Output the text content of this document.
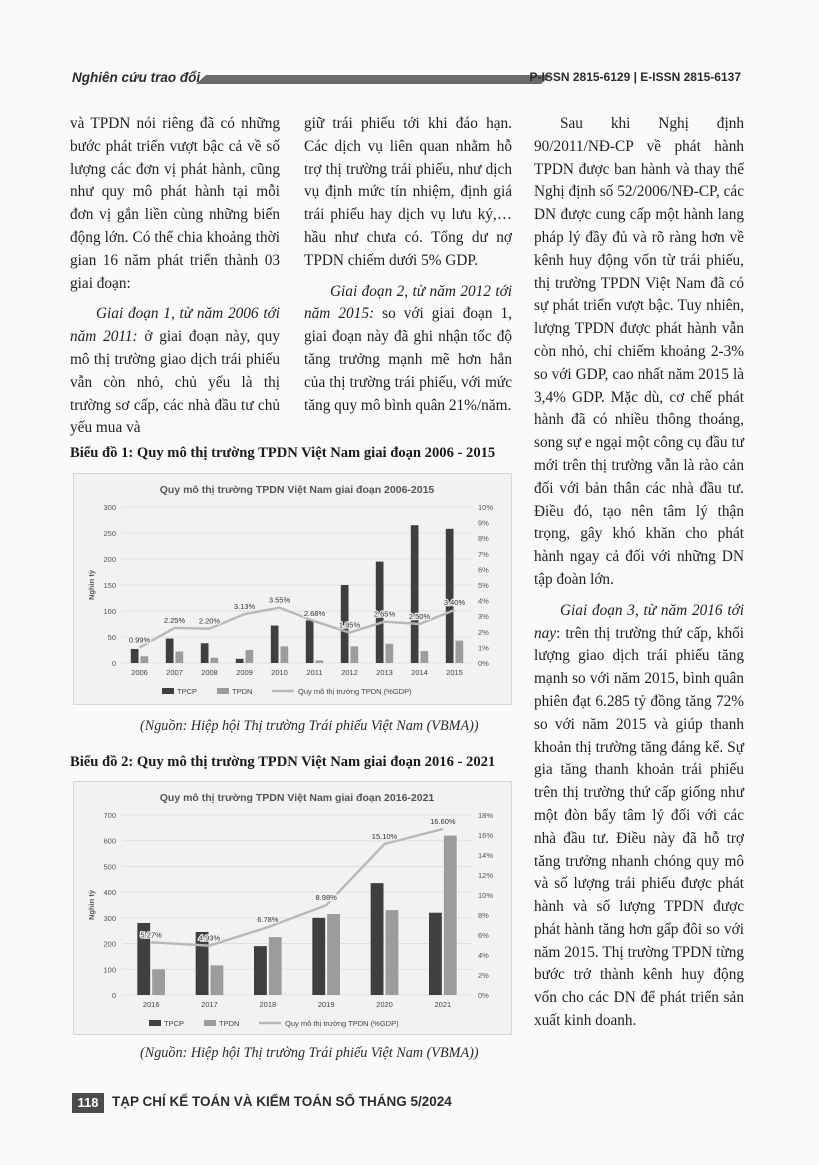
Nghiên cứu trao đổi	P-ISSN 2815-6129 | E-ISSN 2815-6137

và TPDN nói riêng đã có những bước phát triển vượt bậc cả về số lượng các đơn vị phát hành, cũng như quy mô phát hành tại mỗi đơn vị gắn liền cùng những biến động lớn. Có thể chia khoảng thời gian 16 năm phát triển thành 03 giai đoạn:

Giai đoạn 1, từ năm 2006 tới năm 2011: ở giai đoạn này, quy mô thị trường giao dịch trái phiếu vẫn còn nhỏ, chủ yếu là thị trường sơ cấp, các nhà đầu tư chủ yếu mua và

giữ trái phiếu tới khi đáo hạn. Các dịch vụ liên quan nhằm hỗ trợ thị trường trái phiếu, như dịch vụ định mức tín nhiệm, định giá trái phiếu hay dịch vụ lưu ký,… hầu như chưa có. Tổng dư nợ TPDN chiếm dưới 5% GDP.

Giai đoạn 2, từ năm 2012 tới năm 2015: so với giai đoạn 1, giai đoạn này đã ghi nhận tốc độ tăng trưởng mạnh mẽ hơn hẳn của thị trường trái phiếu, với mức tăng quy mô bình quân 21%/năm.

Sau khi Nghị định 90/2011/NĐ-CP về phát hành TPDN được ban hành và thay thế Nghị định số 52/2006/NĐ-CP, các DN được cung cấp một hành lang pháp lý đầy đủ và rõ ràng hơn về kênh huy động vốn từ trái phiếu, thị trường TPDN Việt Nam đã có sự phát triển vượt bậc. Tuy nhiên, lượng TPDN được phát hành vẫn còn nhỏ, chỉ chiếm khoảng 2-3% so với GDP, cao nhất năm 2015 là 3,4% GDP. Mặc dù, cơ chế phát hành đã có nhiều thông thoáng, song sự e ngại một công cụ đầu tư mới trên thị trường vẫn là rào cản đối với bản thân các nhà đầu tư. Điều đó, tạo nên tâm lý thận trọng, gây khó khăn cho phát hành ngay cả đối với những DN tập đoàn lớn.

Giai đoạn 3, từ năm 2016 tới nay: trên thị trường thứ cấp, khối lượng giao dịch trái phiếu tăng mạnh so với năm 2015, bình quân phiên đạt 6.285 tỷ đồng tăng 72% so với năm 2015 và giúp thanh khoản thị trường tăng đáng kể. Sự gia tăng thanh khoản trái phiếu trên thị trường thứ cấp giống như một đòn bẩy tâm lý đối với các nhà đầu tư. Điều này đã hỗ trợ tăng trưởng nhanh chóng quy mô và số lượng trái phiếu được phát hành và số lượng TPDN được phát hành tăng hơn gấp đôi so với năm 2015. Thị trường TPDN từng bước trở thành kênh huy động vốn cho các DN để phát triển sản xuất kinh doanh.

Biểu đồ 1: Quy mô thị trường TPDN Việt Nam giai đoạn 2006 - 2015
Quy mô thị trường TPDN Việt Nam giai đoạn 2006-2015
0
50
100
150
200
250
300
0%
1%
2%
3%
4%
5%
6%
7%
8%
9%
10%
Nghìn tỷ
2006 2007 2008 2009 2010 2011 2012 2013 2014 2015
0.99%
2.25% 2.20%
3.13%
3.55%
2.68%
1.95%
2.65% 2.50%
3.40%
TPCP	TPDN	Quy mô thị trường TPDN (%GDP)
(Nguồn: Hiệp hội Thị trường Trái phiếu Việt Nam (VBMA))
Biểu đồ 2: Quy mô thị trường TPDN Việt Nam giai đoạn 2016 - 2021
Quy mô thị trường TPDN Việt Nam giai đoạn 2016-2021
0
100
200
300
400
500
600
700
0%
2%
4%
6%
8%
10%
12%
14%
16%
18%
Nghìn tỷ
2016	2017	2018	2019	2020	2021
5.27%	4.93%
6.78%
8.98%
15.10%
16.60%
TPCP	TPDN	Quy mô thị trường TPDN (%GDP)
(Nguồn: Hiệp hội Thị trường Trái phiếu Việt Nam (VBMA))
118	TẠP CHÍ KẾ TOÁN VÀ KIỂM TOÁN SỐ THÁNG 5/2024
